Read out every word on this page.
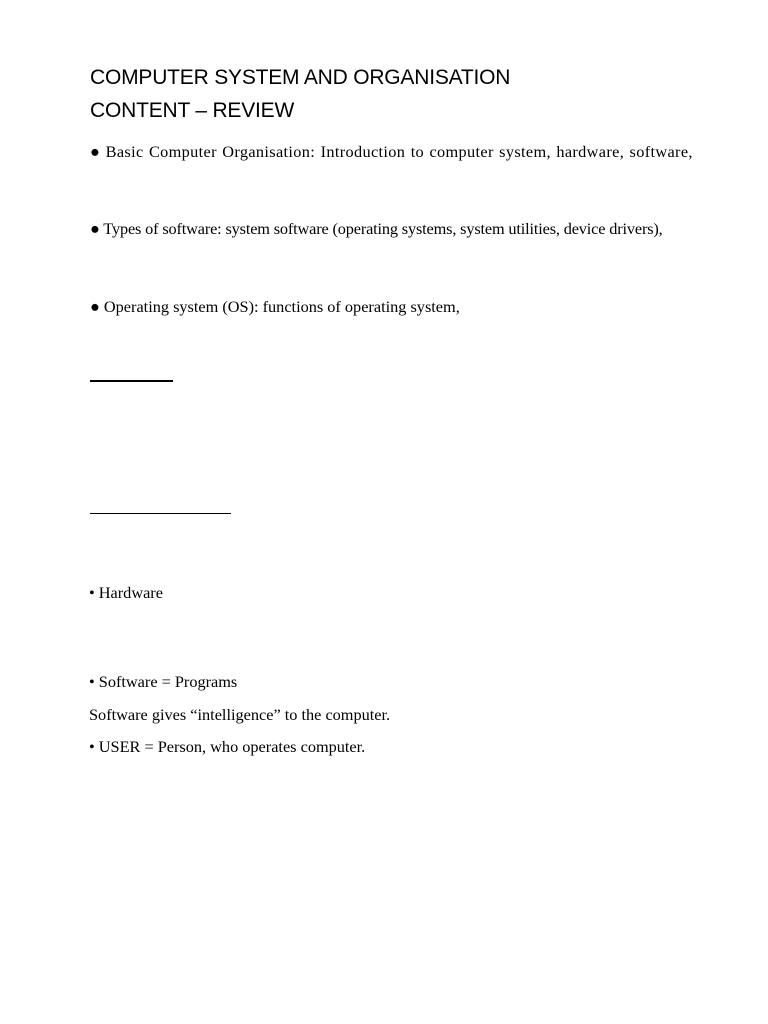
COMPUTER SYSTEM AND ORGANISATION
CONTENT – REVIEW
● Basic Computer Organisation: Introduction to computer system, hardware, software,
● Types of software: system software (operating systems, system utilities, device drivers),
● Operating system (OS): functions of operating system,
• Hardware
• Software = Programs
Software gives “intelligence” to the computer.
• USER = Person, who operates computer.
